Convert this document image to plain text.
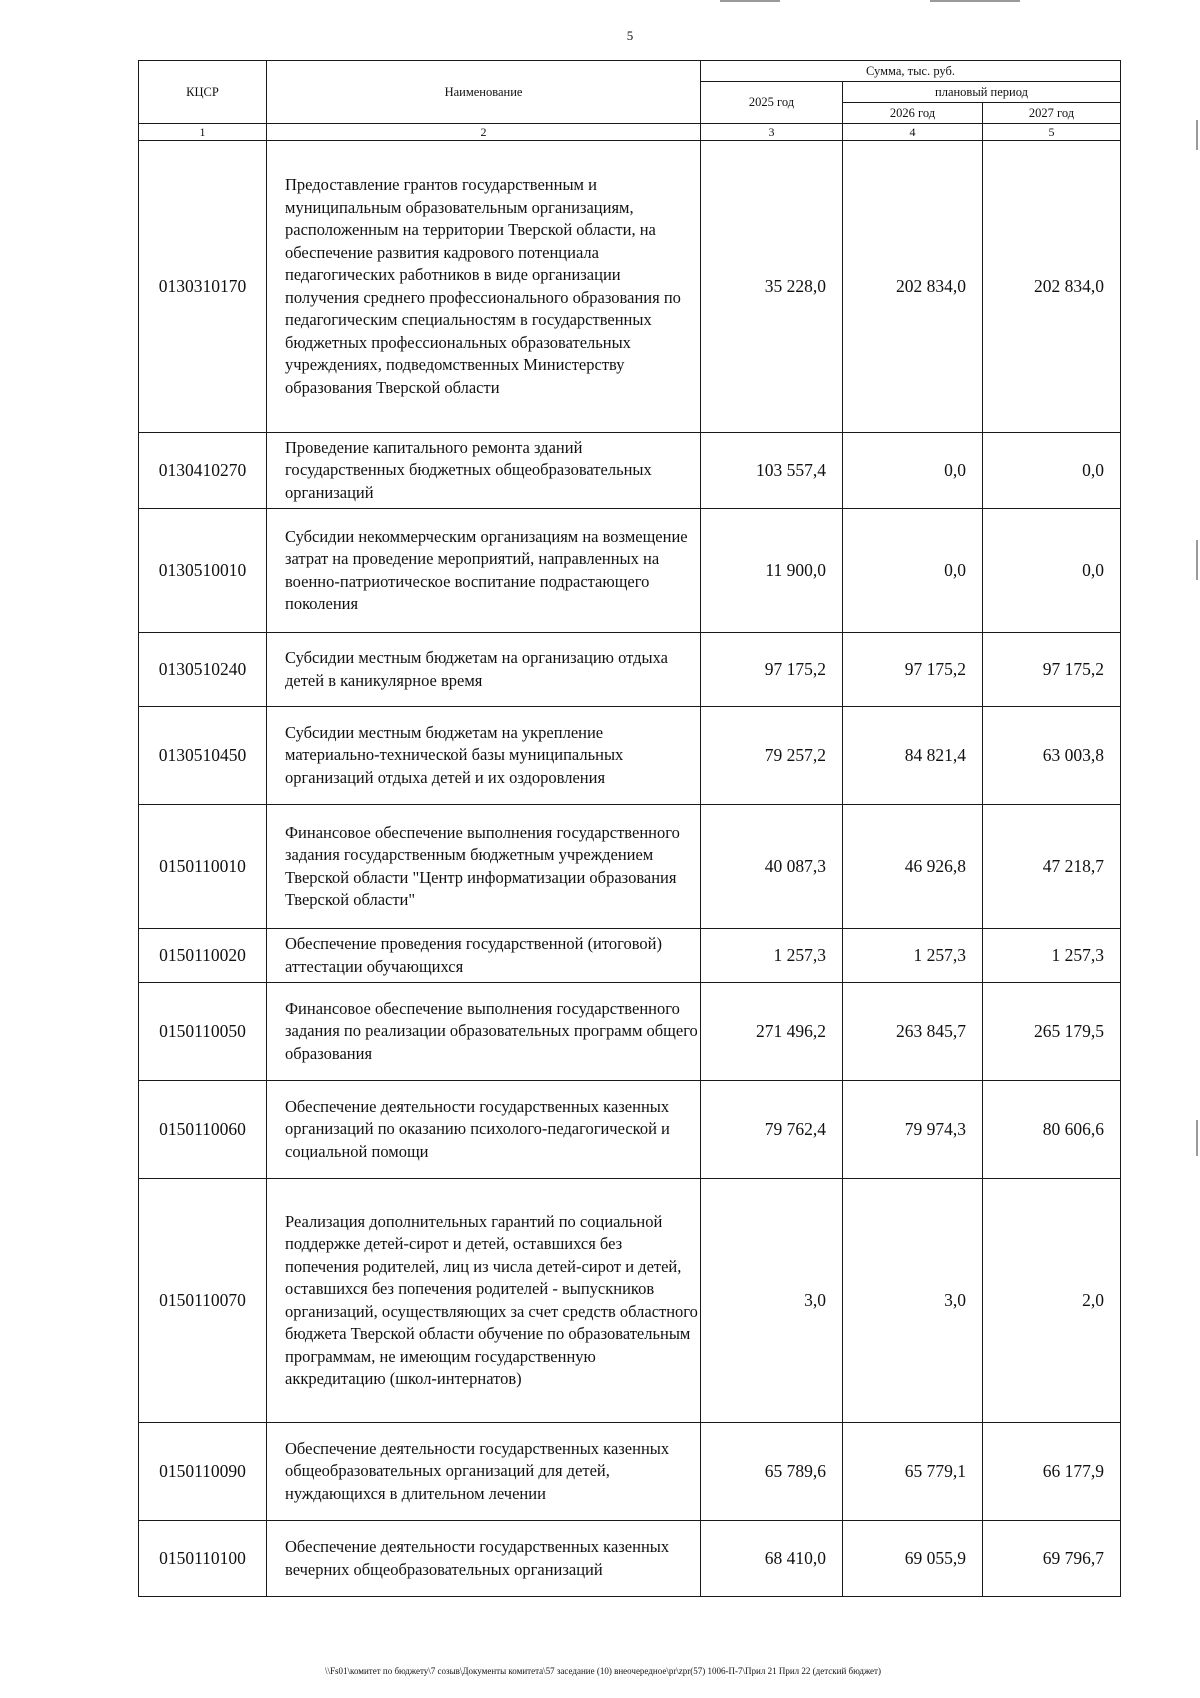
5
КЦСР	Наименование	Сумма, тыс. руб.		
		2025 год	плановый период	
			2026 год	2027 год
1	2	3	4	5
0130310170	Предоставление грантов государственным и муниципальным образовательным организациям, расположенным на территории Тверской области, на обеспечение развития кадрового потенциала педагогических работников в виде организации получения среднего профессионального образования по педагогическим специальностям в государственных бюджетных профессиональных образовательных учреждениях, подведомственных Министерству образования Тверской области	35 228,0	202 834,0	202 834,0
0130410270	Проведение капитального ремонта зданий государственных бюджетных общеобразовательных организаций	103 557,4	0,0	0,0
0130510010	Субсидии некоммерческим организациям на возмещение затрат на проведение мероприятий, направленных на военно-патриотическое воспитание подрастающего поколения	11 900,0	0,0	0,0
0130510240	Субсидии местным бюджетам на организацию отдыха детей в каникулярное время	97 175,2	97 175,2	97 175,2
0130510450	Субсидии местным бюджетам на укрепление материально-технической базы муниципальных организаций отдыха детей и их оздоровления	79 257,2	84 821,4	63 003,8
0150110010	Финансовое обеспечение выполнения государственного задания государственным бюджетным учреждением Тверской области "Центр информатизации образования Тверской области"	40 087,3	46 926,8	47 218,7
0150110020	Обеспечение проведения государственной (итоговой) аттестации обучающихся	1 257,3	1 257,3	1 257,3
0150110050	Финансовое обеспечение выполнения государственного задания по реализации образовательных программ общего образования	271 496,2	263 845,7	265 179,5
0150110060	Обеспечение деятельности государственных казенных организаций по оказанию психолого-педагогической и социальной помощи	79 762,4	79 974,3	80 606,6
0150110070	Реализация дополнительных гарантий по социальной поддержке детей-сирот и детей, оставшихся без попечения родителей, лиц из числа детей-сирот и детей, оставшихся без попечения родителей - выпускников организаций, осуществляющих за счет средств областного бюджета Тверской области обучение по образовательным программам, не имеющим государственную аккредитацию (школ-интернатов)	3,0	3,0	2,0
0150110090	Обеспечение деятельности государственных казенных общеобразовательных организаций для детей, нуждающихся в длительном лечении	65 789,6	65 779,1	66 177,9
0150110100	Обеспечение деятельности государственных казенных вечерних общеобразовательных организаций	68 410,0	69 055,9	69 796,7
\\Fs01\комитет по бюджету\7 созыв\Документы комитета\57 заседание (10) внеочередное\pr\zpr(57) 1006-П-7\Прил 21 Прил 22 (детский бюджет)
